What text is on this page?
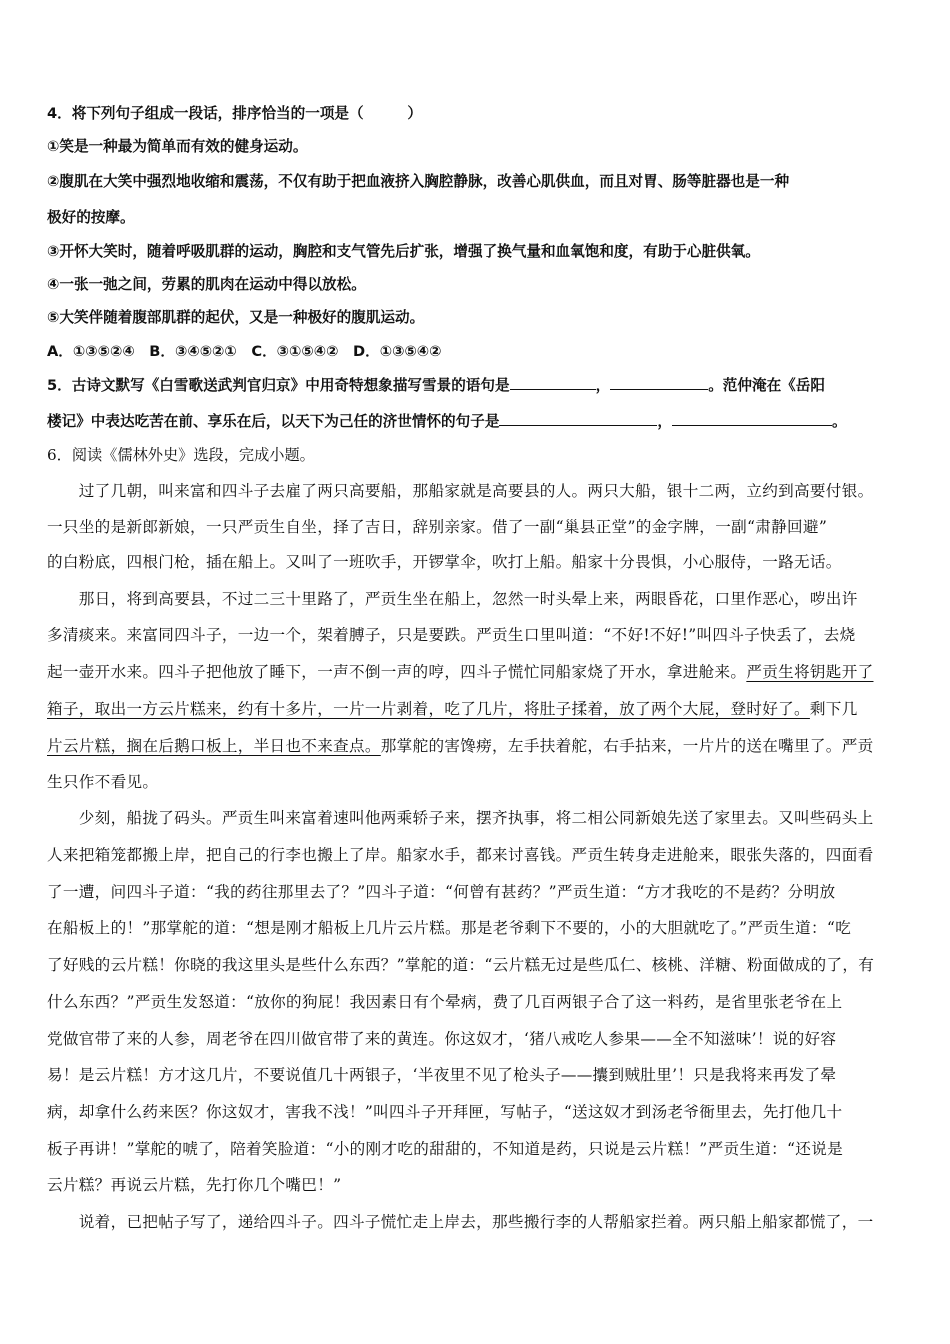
4．将下列句子组成一段话，排序恰当的一项是（　　　）
①笑是一种最为简单而有效的健身运动。
②腹肌在大笑中强烈地收缩和震荡，不仅有助于把血液挤入胸腔静脉，改善心肌供血，而且对胃、肠等脏器也是一种
极好的按摩。
③开怀大笑时，随着呼吸肌群的运动，胸腔和支气管先后扩张，增强了换气量和血氧饱和度，有助于心脏供氧。
④一张一弛之间，劳累的肌肉在运动中得以放松。
⑤大笑伴随着腹部肌群的起伏，又是一种极好的腹肌运动。
A．①③⑤②④　B．③④⑤②①　C．③①⑤④②　D．①③⑤④②
5．古诗文默写《白雪歌送武判官归京》中用奇特想象描写雪景的语句是	，	。范仲淹在《岳阳
楼记》中表达吃苦在前、享乐在后，以天下为己任的济世情怀的句子是	，	。
6．阅读《儒林外史》选段，完成小题。
　　过了几朝，叫来富和四斗子去雇了两只高要船，那船家就是高要县的人。两只大船，银十二两，立约到高要付银。
一只坐的是新郎新娘，一只严贡生自坐，择了吉日，辞别亲家。借了一副“巢县正堂”的金字牌，一副“肃静回避”
的白粉底，四根门枪，插在船上。又叫了一班吹手，开锣掌伞，吹打上船。船家十分畏惧，小心服侍，一路无话。
　　那日，将到高要县，不过二三十里路了，严贡生坐在船上，忽然一时头晕上来，两眼昏花，口里作恶心，哕出许
多清痰来。来富同四斗子，一边一个，架着膊子，只是要跌。严贡生口里叫道：“不好!不好!”叫四斗子快丢了，去烧
起一壶开水来。四斗子把他放了睡下，一声不倒一声的哼，四斗子慌忙同船家烧了开水，拿进舱来。严贡生将钥匙开了
箱子，取出一方云片糕来，约有十多片，一片一片剥着，吃了几片，将肚子揉着，放了两个大屁，登时好了。剩下几
片云片糕，搁在后鹅口板上，半日也不来查点。那掌舵的害馋痨，左手扶着舵，右手拈来，一片片的送在嘴里了。严贡
生只作不看见。
　　少刻，船拢了码头。严贡生叫来富着速叫他两乘轿子来，摆齐执事，将二相公同新娘先送了家里去。又叫些码头上
人来把箱笼都搬上岸，把自己的行李也搬上了岸。船家水手，都来讨喜钱。严贡生转身走进舱来，眼张失落的，四面看
了一遭，问四斗子道：“我的药往那里去了？”四斗子道：“何曾有甚药？”严贡生道：“方才我吃的不是药？分明放
在船板上的！”那掌舵的道：“想是刚才船板上几片云片糕。那是老爷剩下不要的，小的大胆就吃了。”严贡生道：“吃
了好贱的云片糕！你晓的我这里头是些什么东西？”掌舵的道：“云片糕无过是些瓜仁、核桃、洋糖、粉面做成的了，有
什么东西？”严贡生发怒道：“放你的狗屁！我因素日有个晕病，费了几百两银子合了这一料药，是省里张老爷在上
党做官带了来的人参，周老爷在四川做官带了来的黄连。你这奴才，‘猪八戒吃人参果——全不知滋味’！说的好容
易！是云片糕！方才这几片，不要说值几十两银子，‘半夜里不见了枪头子——攮到贼肚里’！只是我将来再发了晕
病，却拿什么药来医？你这奴才，害我不浅！”叫四斗子开拜匣，写帖子，“送这奴才到汤老爷衙里去，先打他几十
板子再讲！”掌舵的唬了，陪着笑脸道：“小的刚才吃的甜甜的，不知道是药，只说是云片糕！”严贡生道：“还说是
云片糕？再说云片糕，先打你几个嘴巴！”
　　说着，已把帖子写了，递给四斗子。四斗子慌忙走上岸去，那些搬行李的人帮船家拦着。两只船上船家都慌了，一
